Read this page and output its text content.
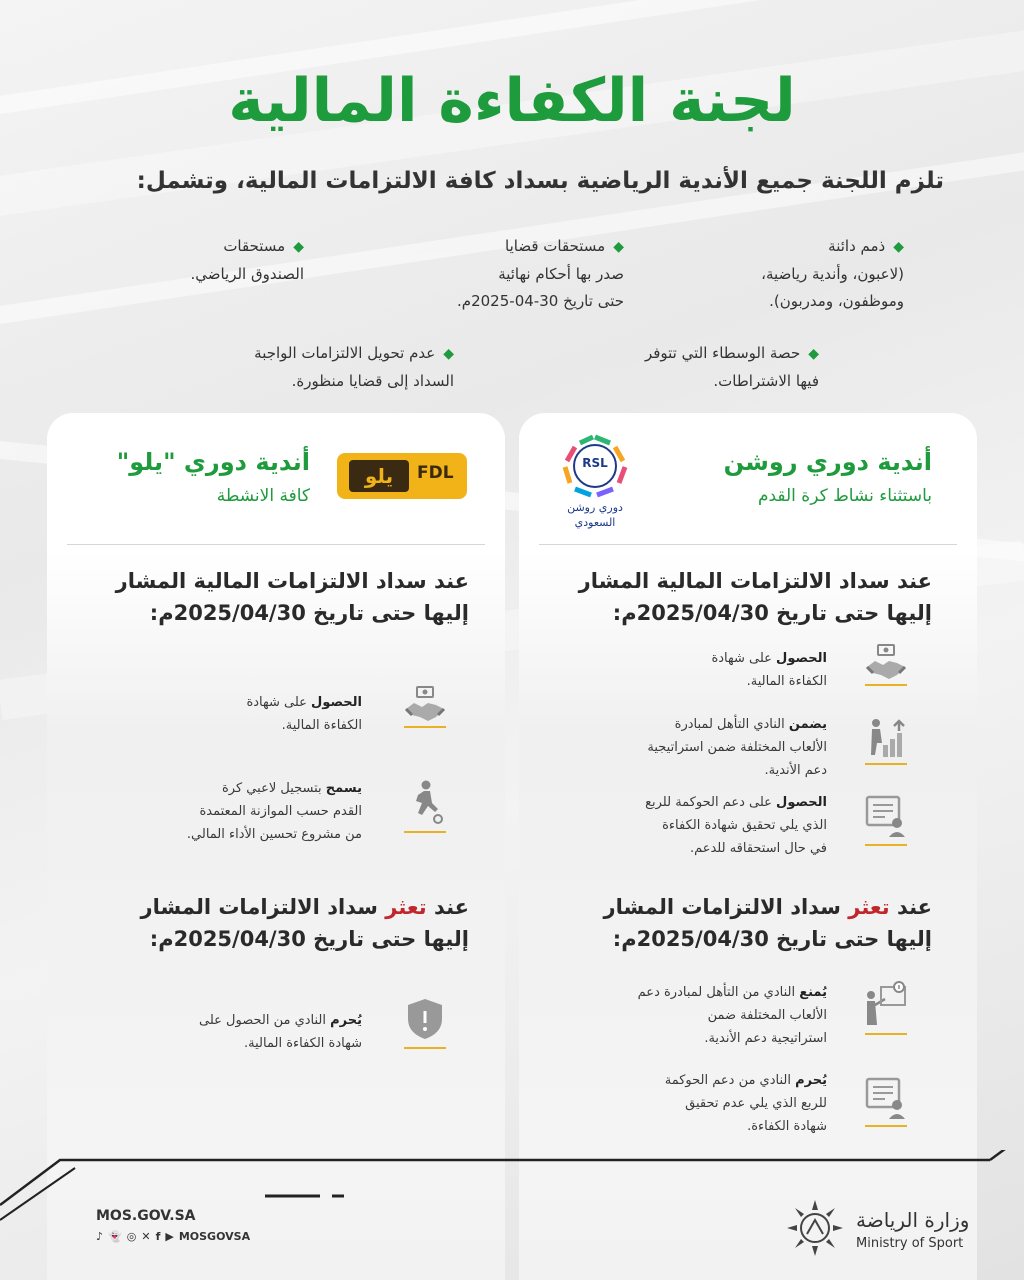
لجنة الكفاءة المالية
تلزم اللجنة جميع الأندية الرياضية بسداد كافة الالتزامات المالية، وتشمل:
◆ذمم دائنة
(لاعبون، وأندية رياضية،
وموظفون، ومدربون).
◆مستحقات قضايا
صدر بها أحكام نهائية
حتى تاريخ 30-04-2025م.
◆مستحقات
الصندوق الرياضي.
◆حصة الوسطاء التي تتوفر
فيها الاشتراطات.
◆عدم تحويل الالتزامات الواجبة
السداد إلى قضايا منظورة.
أندية دوري روشن
باستثناء نشاط كرة القدم
RSL
دوري روشن
السعودي
عند سداد الالتزامات المالية المشار
إليها حتى تاريخ 2025/04/30م:
الحصول على شهادة
الكفاءة المالية.
يضمن النادي التأهل لمبادرة
الألعاب المختلفة ضمن استراتيجية
دعم الأندية.
الحصول على دعم الحوكمة للربع
الذي يلي تحقيق شهادة الكفاءة
في حال استحقاقه للدعم.
عند تعثر سداد الالتزامات المشار
إليها حتى تاريخ 2025/04/30م:
يُمنع النادي من التأهل لمبادرة دعم
الألعاب المختلفة ضمن
استراتيجية دعم الأندية.
يُحرم النادي من دعم الحوكمة
للربع الذي يلي عدم تحقيق
شهادة الكفاءة.
أندية دوري "يلو"
كافة الانشطة
يلو	FDL
عند سداد الالتزامات المالية المشار
إليها حتى تاريخ 2025/04/30م:
الحصول على شهادة
الكفاءة المالية.
يسمح بتسجيل لاعبي كرة
القدم حسب الموازنة المعتمدة
من مشروع تحسين الأداء المالي.
عند تعثر سداد الالتزامات المشار
إليها حتى تاريخ 2025/04/30م:
يُحرم النادي من الحصول على
شهادة الكفاءة المالية.
MOS.GOV.SA
♪ 👻 ◎ ✕ f ▶ MOSGOVSA
وزارة الرياضة
Ministry of Sport
